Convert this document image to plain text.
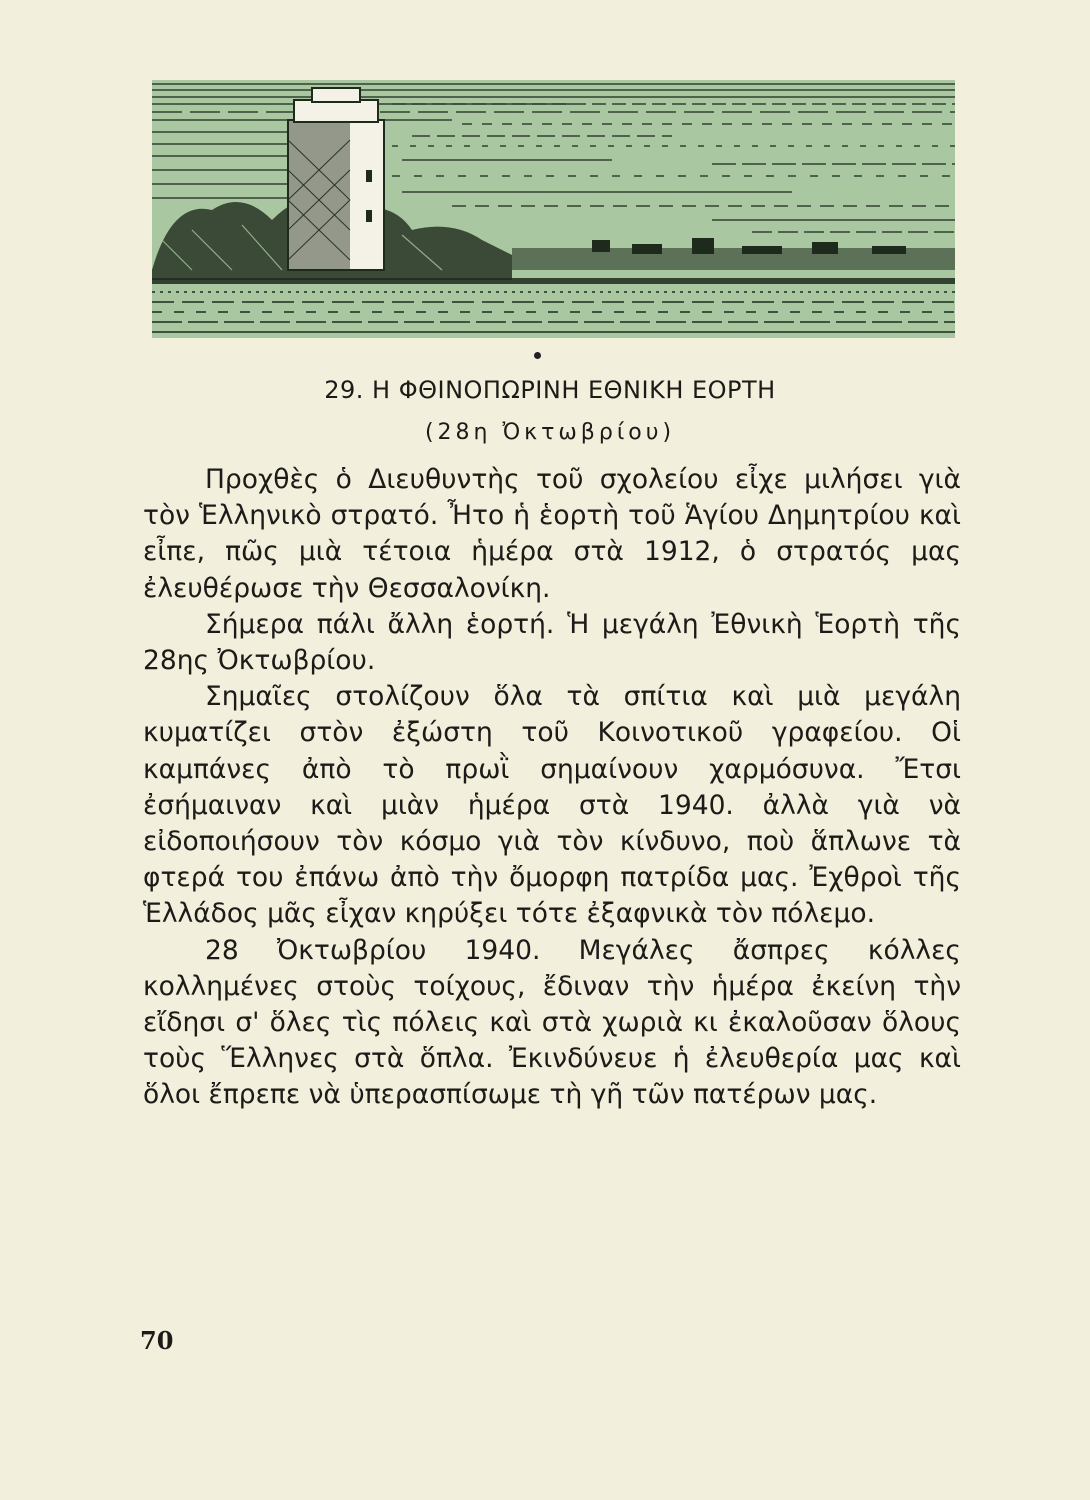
29. Η ΦΘΙΝΟΠΩΡΙΝΗ ΕΘΝΙΚΗ ΕΟΡΤΗ
(28η Ὀκτωβρίου)

Προχθὲς ὁ Διευθυντὴς τοῦ σχολείου εἶχε μιλήσει γιὰ τὸν Ἑλληνικὸ στρατό. Ἦτο ἡ ἑορτὴ τοῦ Ἁγίου Δημητρίου καὶ εἶπε, πῶς μιὰ τέτοια ἡμέρα στὰ 1912, ὁ στρατός μας ἐλευθέρωσε τὴν Θεσσαλονίκη.

Σήμερα πάλι ἄλλη ἑορτή. Ἡ μεγάλη Ἐθνικὴ Ἑορτὴ τῆς 28ης Ὀκτωβρίου.

Σημαῖες στολίζουν ὅλα τὰ σπίτια καὶ μιὰ μεγάλη κυματίζει στὸν ἐξώστη τοῦ Κοινοτικοῦ γραφείου. Οἱ καμπάνες ἀπὸ τὸ πρωῒ σημαίνουν χαρμόσυνα. Ἔτσι ἐσήμαιναν καὶ μιὰν ἡμέρα στὰ 1940. ἀλλὰ γιὰ νὰ εἰδοποιήσουν τὸν κόσμο γιὰ τὸν κίνδυνο, ποὺ ἅπλωνε τὰ φτερά του ἐπάνω ἀπὸ τὴν ὄμορφη πατρίδα μας. Ἐχθροὶ τῆς Ἑλλάδος μᾶς εἶχαν κηρύξει τότε ἐξαφνικὰ τὸν πόλεμο.

28 Ὀκτωβρίου 1940. Μεγάλες ἄσπρες κόλλες κολλημένες στοὺς τοίχους, ἔδιναν τὴν ἡμέρα ἐκείνη τὴν εἴδησι σ' ὅλες τὶς πόλεις καὶ στὰ χωριὰ κι ἐκαλοῦσαν ὅλους τοὺς Ἕλληνες στὰ ὅπλα. Ἐκινδύνευε ἡ ἐλευθερία μας καὶ ὅλοι ἔπρεπε νὰ ὑπερασπίσωμε τὴ γῆ τῶν πατέρων μας.

70
